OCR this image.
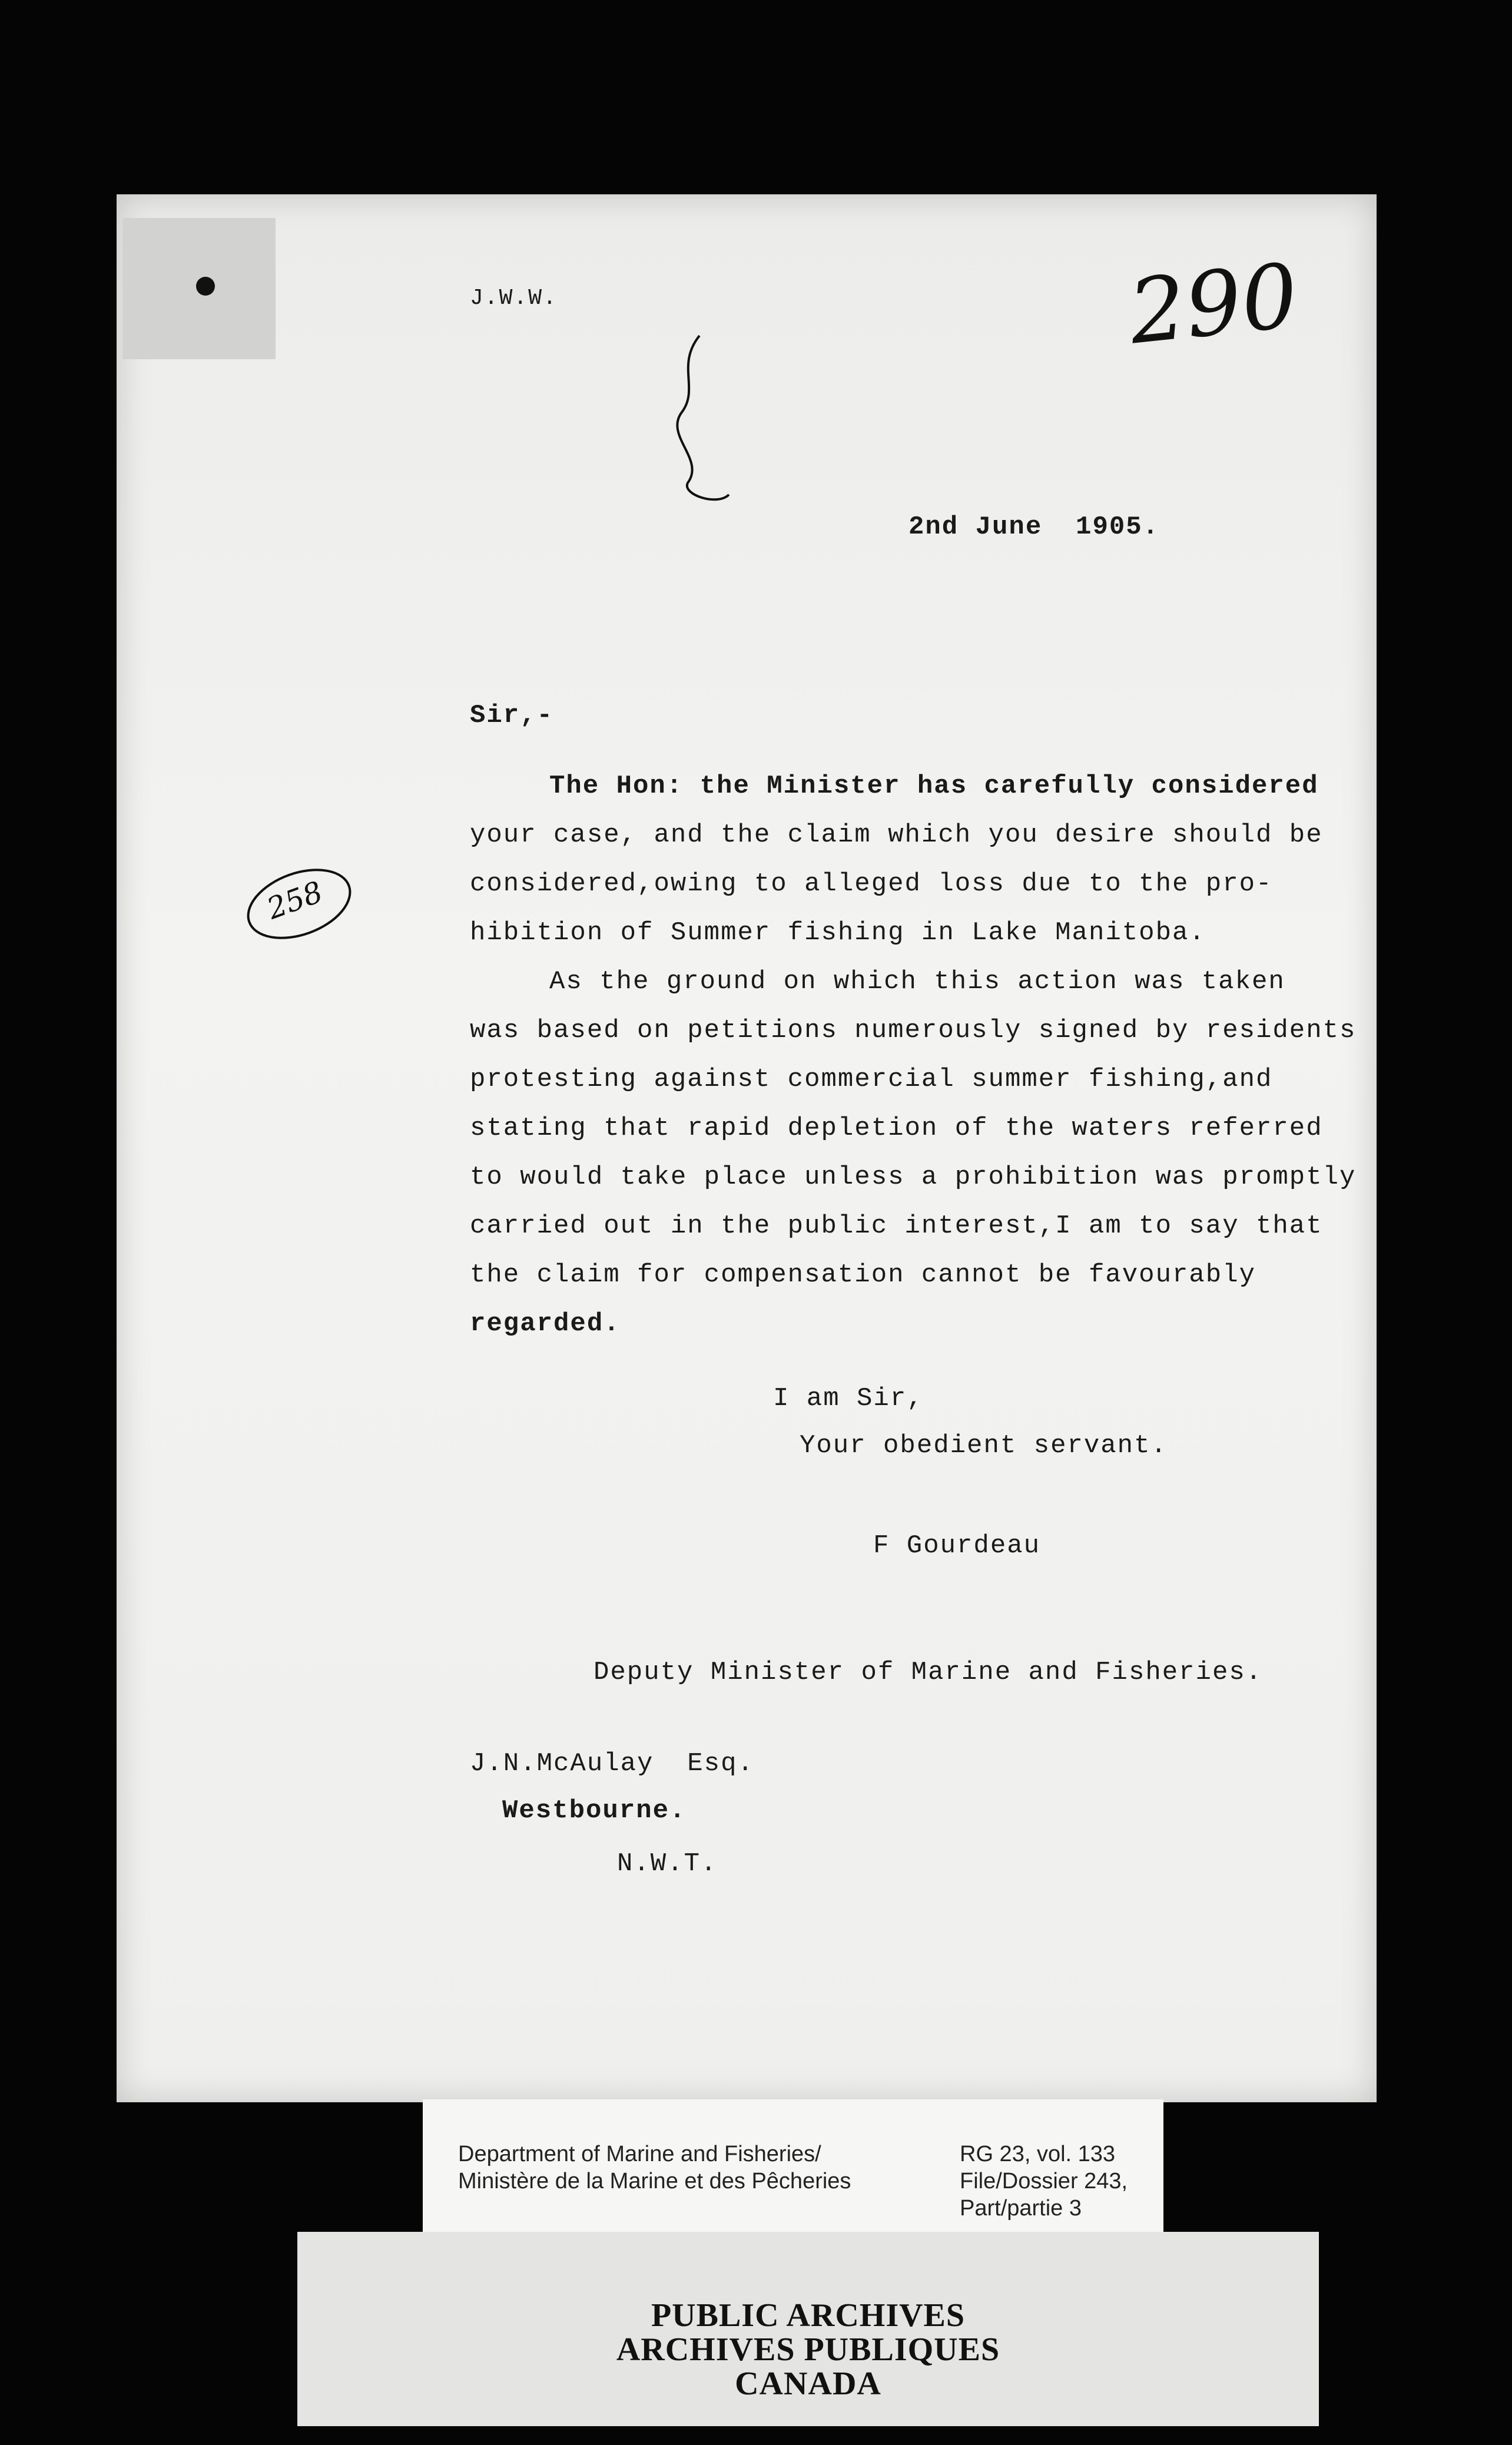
J.W.W.	290
2nd June  1905.
Sir,-
258
The Hon: the Minister has carefully considered
your case, and the claim which you desire should be
considered,owing to alleged loss due to the pro-
hibition of Summer fishing in Lake Manitoba.
As the ground on which this action was taken
was based on petitions numerously signed by residents
protesting against commercial summer fishing,and
stating that rapid depletion of the waters referred
to would take place unless a prohibition was promptly
carried out in the public interest,I am to say that
the claim for compensation cannot be favourably
regarded.
I am Sir,
Your obedient servant.
F Gourdeau
Deputy Minister of Marine and Fisheries.
J.N.McAulay  Esq.
Westbourne.
N.W.T.
Department of Marine and Fisheries/
Ministère de la Marine et des Pêcheries
RG 23, vol. 133
File/Dossier 243,
Part/partie 3
PUBLIC ARCHIVES
ARCHIVES PUBLIQUES
CANADA
